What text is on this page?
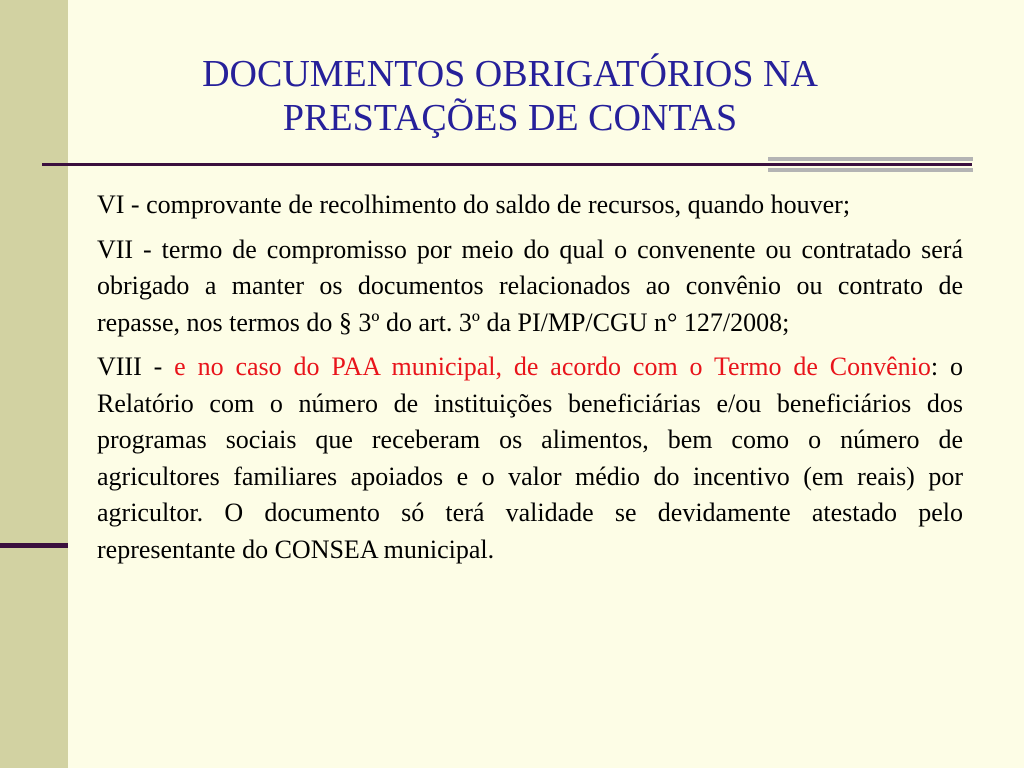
DOCUMENTOS OBRIGATÓRIOS NA
PRESTAÇÕES DE CONTAS

VI - comprovante de recolhimento do saldo de recursos, quando houver;

VII - termo de compromisso por meio do qual o convenente ou contratado será obrigado a manter os documentos relacionados ao convênio ou contrato de repasse, nos termos do § 3º do art. 3º da PI/MP/CGU n° 127/2008;

VIII - e no caso do PAA municipal, de acordo com o Termo de Convênio: o Relatório com o número de instituições beneficiárias e/ou beneficiários dos programas sociais que receberam os alimentos, bem como o número de agricultores familiares apoiados e o valor médio do incentivo (em reais) por agricultor. O documento só terá validade se devidamente atestado pelo representante do CONSEA municipal.
